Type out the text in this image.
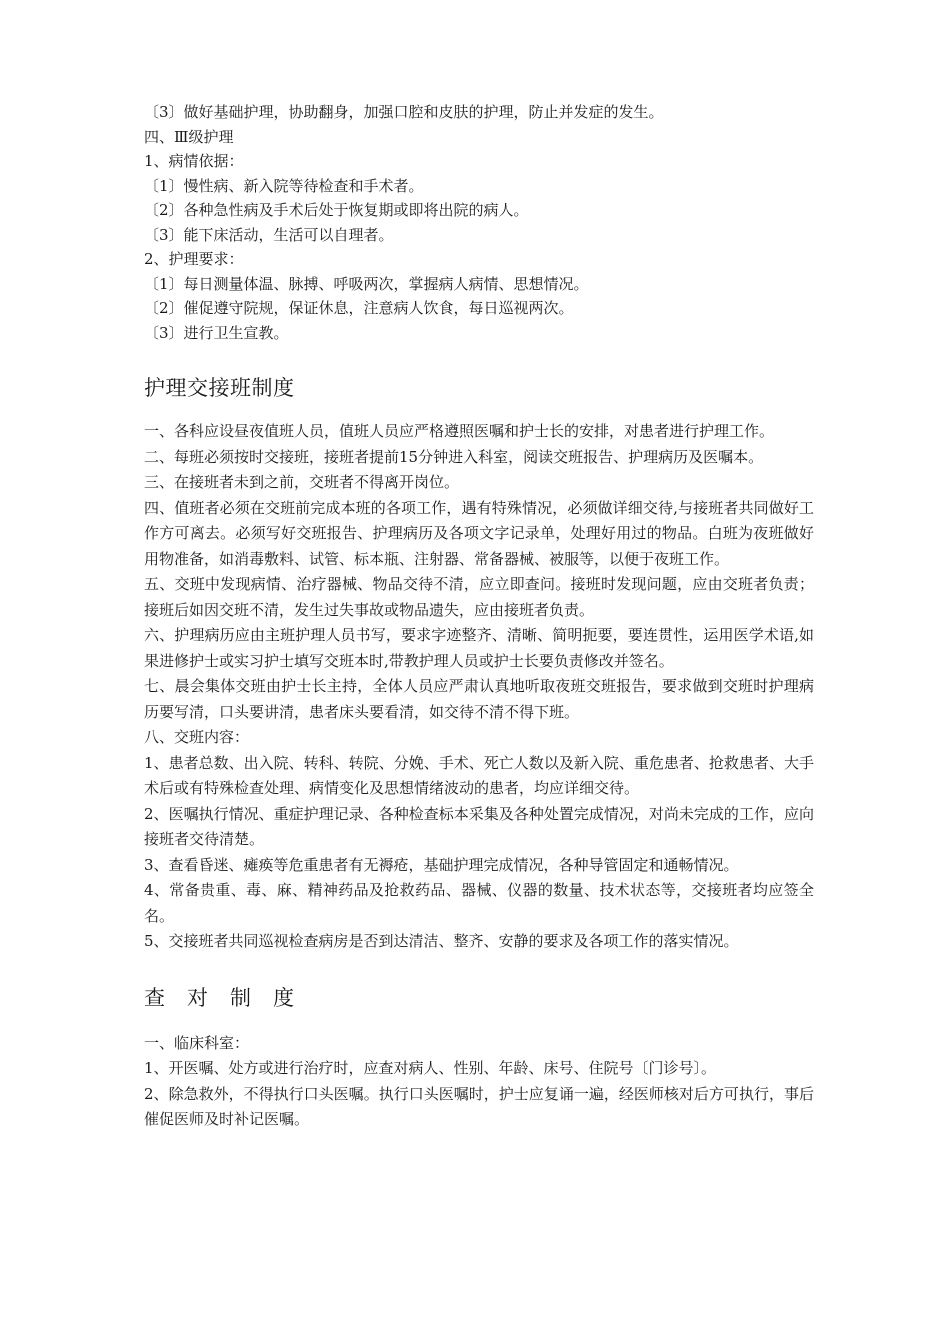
〔3〕做好基础护理，协助翻身，加强口腔和皮肤的护理，防止并发症的发生。

四、Ⅲ级护理

1、病情依据：

〔1〕慢性病、新入院等待检查和手术者。

〔2〕各种急性病及手术后处于恢复期或即将出院的病人。

〔3〕能下床活动，生活可以自理者。

2、护理要求：

〔1〕每日测量体温、脉搏、呼吸两次，掌握病人病情、思想情况。

〔2〕催促遵守院规，保证休息，注意病人饮食，每日巡视两次。

〔3〕进行卫生宣教。

护理交接班制度

一、各科应设昼夜值班人员，值班人员应严格遵照医嘱和护士长的安排，对患者进行护理工作。

二、每班必须按时交接班，接班者提前15分钟进入科室，阅读交班报告、护理病历及医嘱本。

三、在接班者未到之前，交班者不得离开岗位。

四、值班者必须在交班前完成本班的各项工作，遇有特殊情况，必须做详细交待,与接班者共同做好工作方可离去。必须写好交班报告、护理病历及各项文字记录单，处理好用过的物品。白班为夜班做好用物准备，如消毒敷料、试管、标本瓶、注射器、常备器械、被服等，以便于夜班工作。

五、交班中发现病情、治疗器械、物品交待不清，应立即查问。接班时发现问题，应由交班者负责；接班后如因交班不清，发生过失事故或物品遗失，应由接班者负责。

六、护理病历应由主班护理人员书写，要求字迹整齐、清晰、简明扼要，要连贯性，运用医学术语,如果进修护士或实习护士填写交班本时,带教护理人员或护士长要负责修改并签名。

七、晨会集体交班由护士长主持，全体人员应严肃认真地听取夜班交班报告，要求做到交班时护理病历要写清，口头要讲清，患者床头要看清，如交待不清不得下班。

八、交班内容：

1、患者总数、出入院、转科、转院、分娩、手术、死亡人数以及新入院、重危患者、抢救患者、大手术后或有特殊检查处理、病情变化及思想情绪波动的患者，均应详细交待。

2、医嘱执行情况、重症护理记录、各种检查标本采集及各种处置完成情况，对尚未完成的工作，应向接班者交待清楚。

3、查看昏迷、瘫痪等危重患者有无褥疮，基础护理完成情况，各种导管固定和通畅情况。

4、常备贵重、毒、麻、精神药品及抢救药品、器械、仪器的数量、技术状态等，交接班者均应签全名。

5、交接班者共同巡视检查病房是否到达清洁、整齐、安静的要求及各项工作的落实情况。

查对制度

一、临床科室：

1、开医嘱、处方或进行治疗时，应查对病人、性别、年龄、床号、住院号〔门诊号〕。

2、除急救外，不得执行口头医嘱。执行口头医嘱时，护士应复诵一遍，经医师核对后方可执行，事后催促医师及时补记医嘱。
